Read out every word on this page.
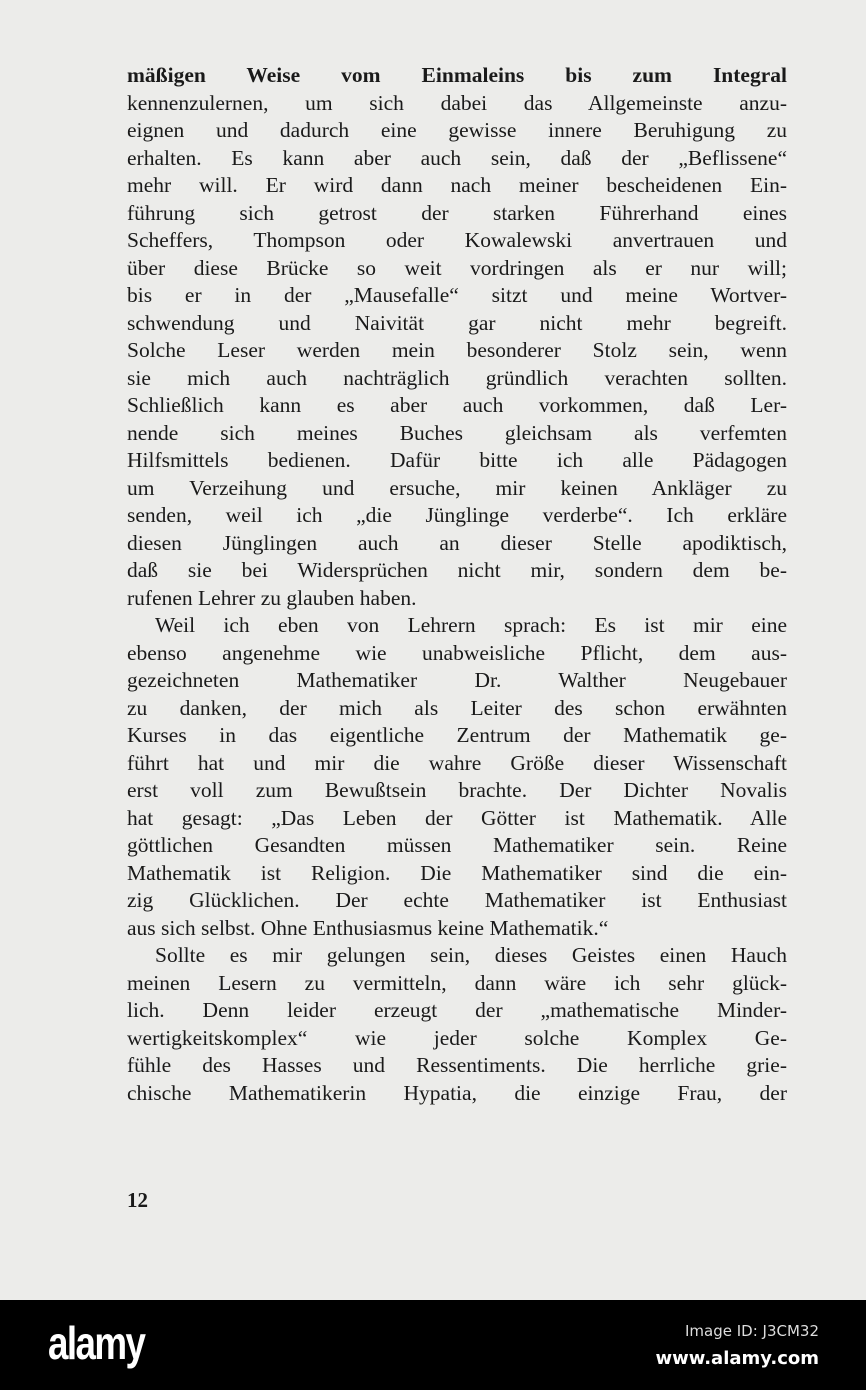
mäßigen Weise vom Einmaleins bis zum Integral
kennenzulernen, um sich dabei das Allgemeinste anzu-
eignen und dadurch eine gewisse innere Beruhigung zu
erhalten. Es kann aber auch sein, daß der „Beflissene“
mehr will. Er wird dann nach meiner bescheidenen Ein-
führung sich getrost der starken Führerhand eines
Scheffers, Thompson oder Kowalewski anvertrauen und
über diese Brücke so weit vordringen als er nur will;
bis er in der „Mausefalle“ sitzt und meine Wortver-
schwendung und Naivität gar nicht mehr begreift.
Solche Leser werden mein besonderer Stolz sein, wenn
sie mich auch nachträglich gründlich verachten sollten.
Schließlich kann es aber auch vorkommen, daß Ler-
nende sich meines Buches gleichsam als verfemten
Hilfsmittels bedienen. Dafür bitte ich alle Pädagogen
um Verzeihung und ersuche, mir keinen Ankläger zu
senden, weil ich „die Jünglinge verderbe“. Ich erkläre
diesen Jünglingen auch an dieser Stelle apodiktisch,
daß sie bei Widersprüchen nicht mir, sondern dem be-
rufenen Lehrer zu glauben haben.
Weil ich eben von Lehrern sprach: Es ist mir eine
ebenso angenehme wie unabweisliche Pflicht, dem aus-
gezeichneten Mathematiker Dr. Walther Neugebauer
zu danken, der mich als Leiter des schon erwähnten
Kurses in das eigentliche Zentrum der Mathematik ge-
führt hat und mir die wahre Größe dieser Wissenschaft
erst voll zum Bewußtsein brachte. Der Dichter Novalis
hat gesagt: „Das Leben der Götter ist Mathematik. Alle
göttlichen Gesandten müssen Mathematiker sein. Reine
Mathematik ist Religion. Die Mathematiker sind die ein-
zig Glücklichen. Der echte Mathematiker ist Enthusiast
aus sich selbst. Ohne Enthusiasmus keine Mathematik.“
Sollte es mir gelungen sein, dieses Geistes einen Hauch
meinen Lesern zu vermitteln, dann wäre ich sehr glück-
lich. Denn leider erzeugt der „mathematische Minder-
wertigkeitskomplex“ wie jeder solche Komplex Ge-
fühle des Hasses und Ressentiments. Die herrliche grie-
chische Mathematikerin Hypatia, die einzige Frau, der
12
alamy	Image ID: J3CM32
www.alamy.com
